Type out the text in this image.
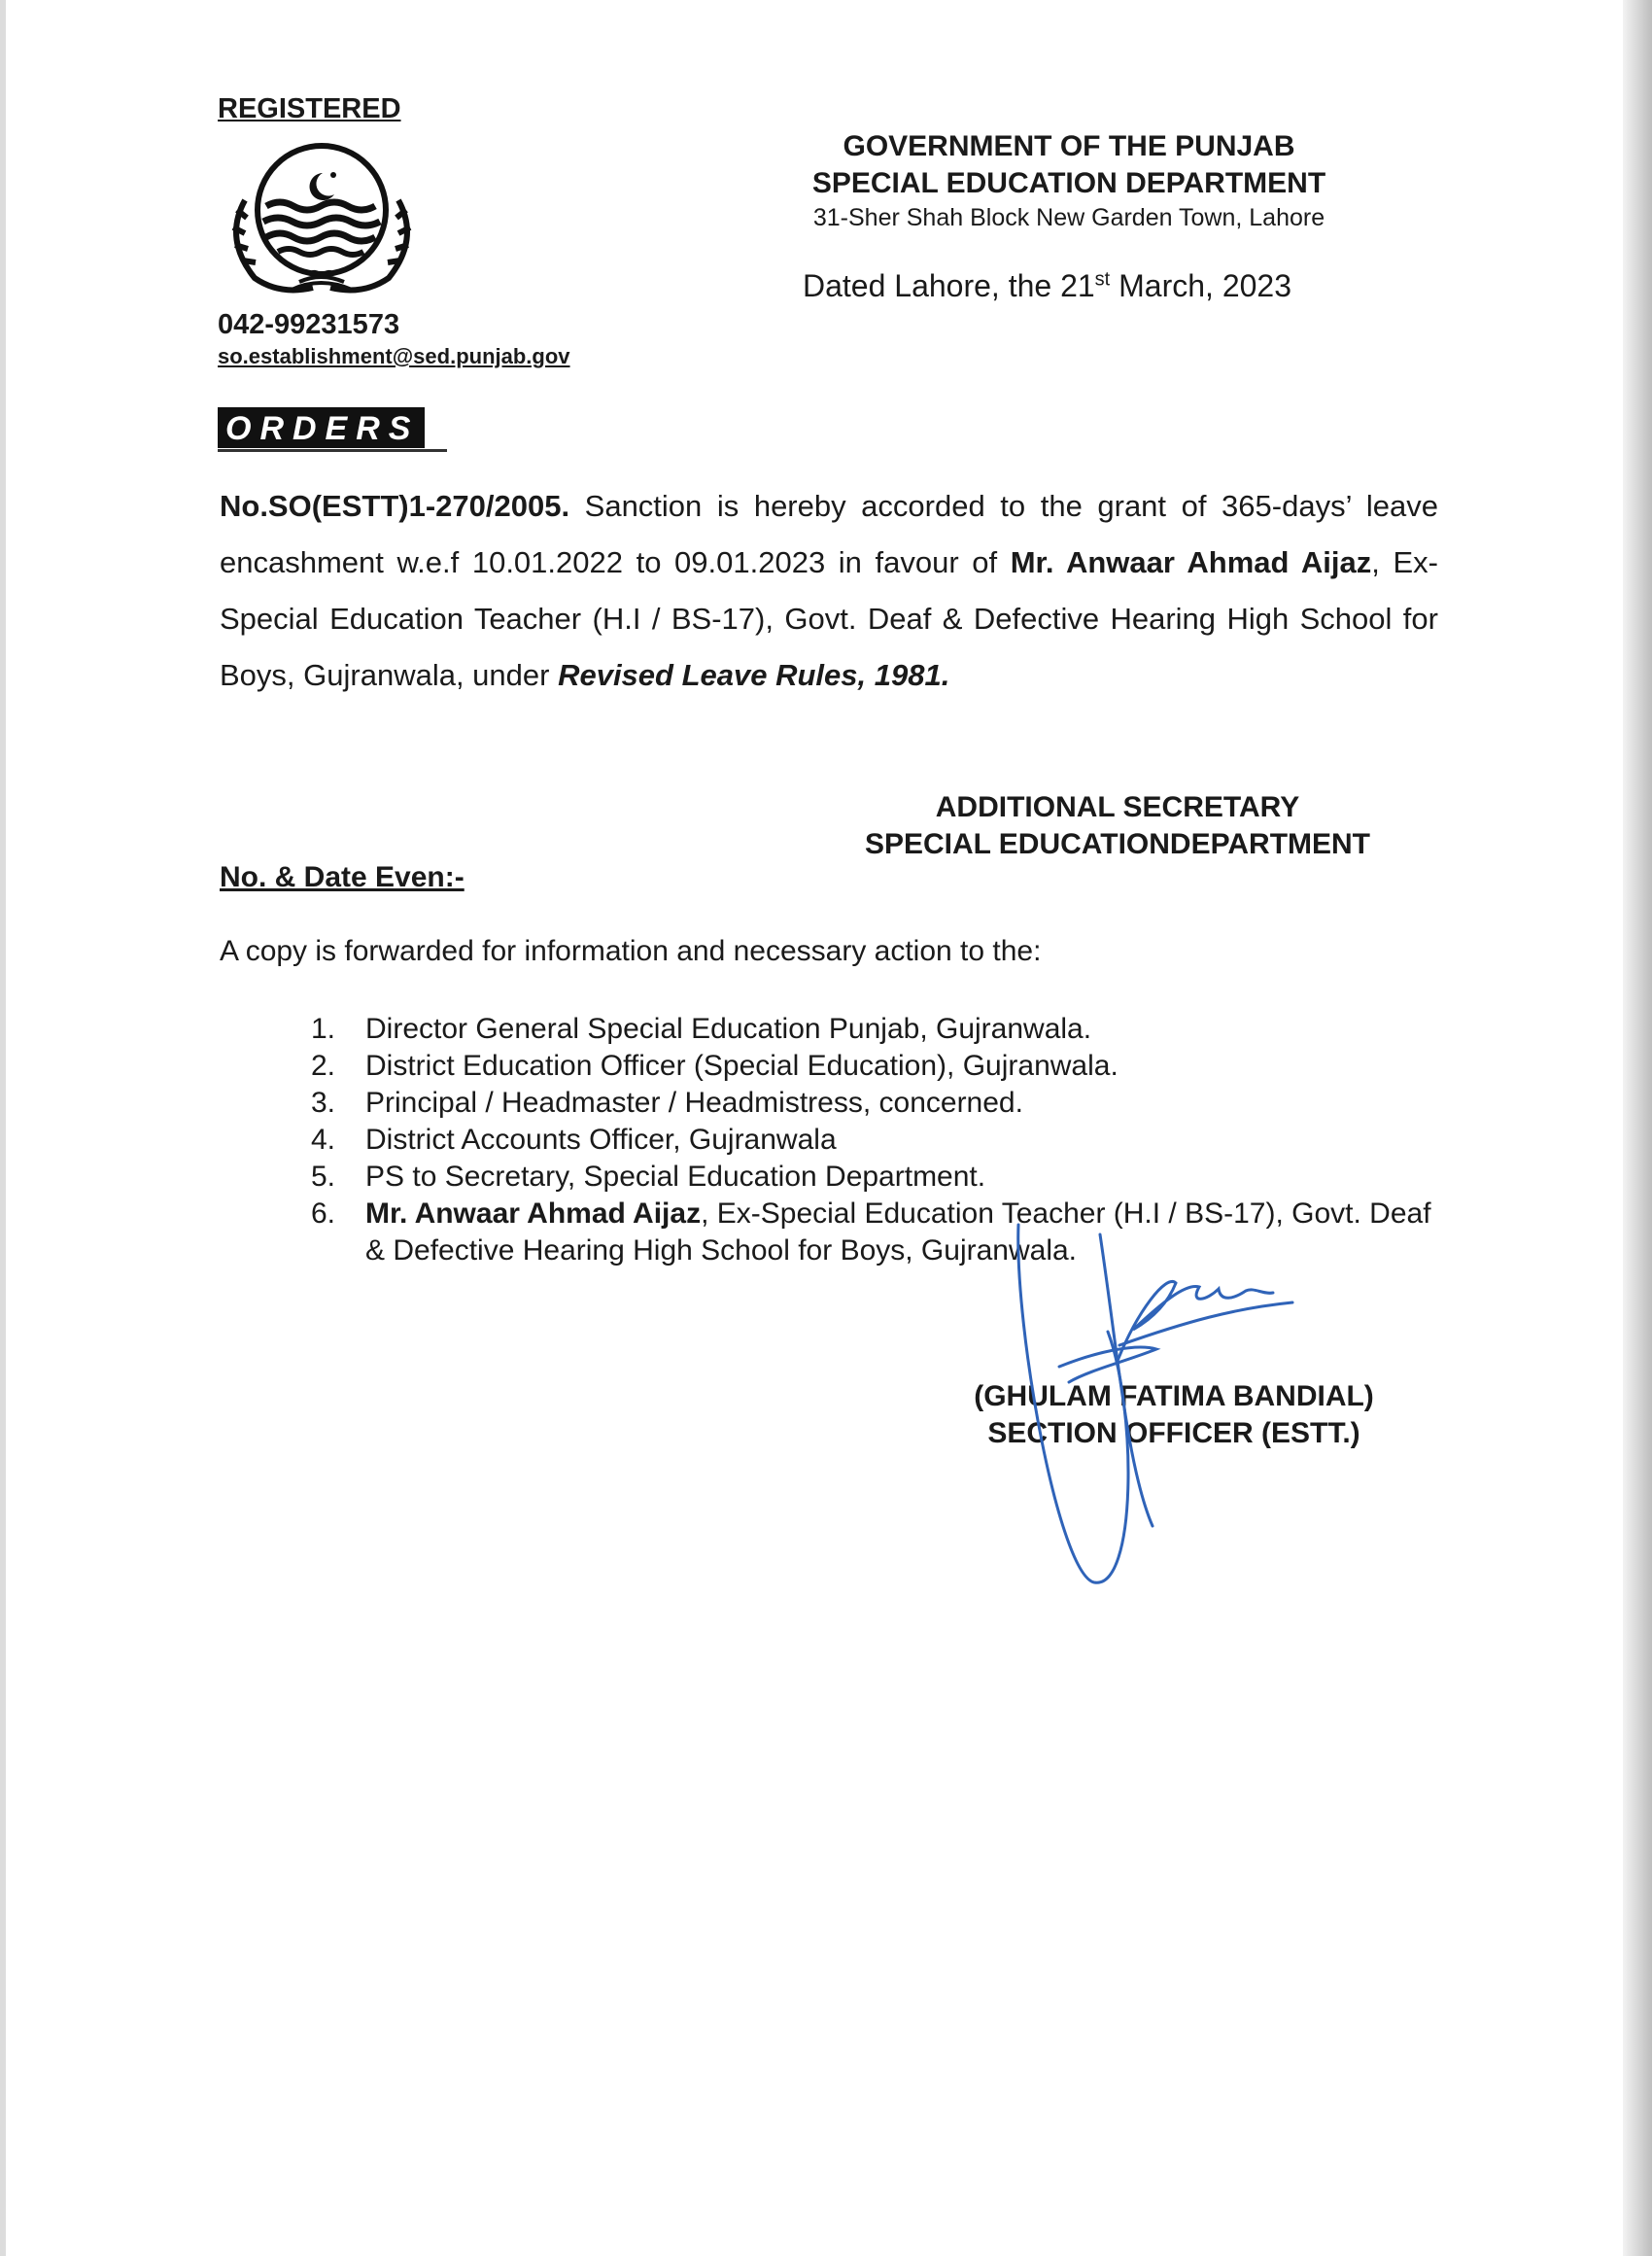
REGISTERED
042-99231573
so.establishment@sed.punjab.gov
GOVERNMENT OF THE PUNJAB
SPECIAL EDUCATION DEPARTMENT
31-Sher Shah Block New Garden Town, Lahore
Dated Lahore, the 21st March, 2023
ORDERS

No.SO(ESTT)1-270/2005. Sanction is hereby accorded to the grant of 365-days’ leave encashment w.e.f 10.01.2022 to 09.01.2023 in favour of Mr. Anwaar Ahmad Aijaz, Ex-Special Education Teacher (H.I / BS-17), Govt. Deaf & Defective Hearing High School for Boys, Gujranwala, under Revised Leave Rules, 1981.

ADDITIONAL SECRETARY
SPECIAL EDUCATIONDEPARTMENT
No. & Date Even:-
A copy is forwarded for information and necessary action to the:
1.	Director General Special Education Punjab, Gujranwala.
2.	District Education Officer (Special Education), Gujranwala.
3.	Principal / Headmaster / Headmistress, concerned.
4.	District Accounts Officer, Gujranwala
5.	PS to Secretary, Special Education Department.
6.	Mr. Anwaar Ahmad Aijaz, Ex-Special Education Teacher (H.I / BS-17), Govt. Deaf & Defective Hearing High School for Boys, Gujranwala.
(GHULAM FATIMA BANDIAL)
SECTION OFFICER (ESTT.)
